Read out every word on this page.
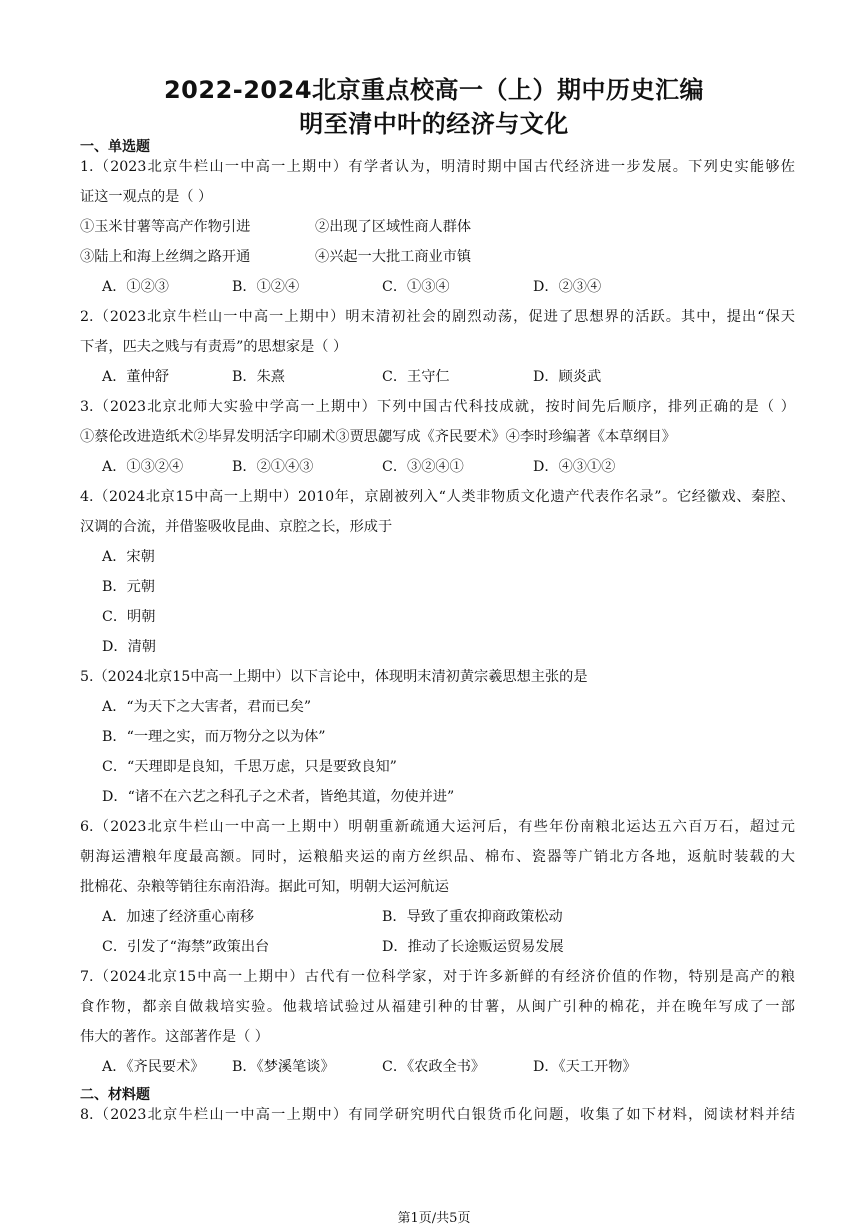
2022-2024北京重点校高一（上）期中历史汇编
明至清中叶的经济与文化
一、单选题
1.（2023北京牛栏山一中高一上期中）有学者认为，明清时期中国古代经济进一步发展。下列史实能够佐
证这一观点的是（ ）
①玉米甘薯等高产作物引进	②出现了区域性商人群体
③陆上和海上丝绸之路开通	④兴起一大批工商业市镇
A．①②③	B．①②④	C．①③④	D．②③④
2.（2023北京牛栏山一中高一上期中）明末清初社会的剧烈动荡，促进了思想界的活跃。其中，提出“保天
下者，匹夫之贱与有责焉”的思想家是（ ）
A．董仲舒	B．朱熹	C．王守仁	D．顾炎武
3.（2023北京北师大实验中学高一上期中）下列中国古代科技成就，按时间先后顺序，排列正确的是（ ）
①蔡伦改进造纸术②毕昇发明活字印刷术③贾思勰写成《齐民要术》④李时珍编著《本草纲目》
A．①③②④	B．②①④③	C．③②④①	D．④③①②
4.（2024北京15中高一上期中）2010年，京剧被列入“人类非物质文化遗产代表作名录”。它经徽戏、秦腔、
汉调的合流，并借鉴吸收昆曲、京腔之长，形成于
A．宋朝
B．元朝
C．明朝
D．清朝
5.（2024北京15中高一上期中）以下言论中，体现明末清初黄宗羲思想主张的是
A．“为天下之大害者，君而已矣”
B．“一理之实，而万物分之以为体”
C．“天理即是良知，千思万虑，只是要致良知”
D．“诸不在六艺之科孔子之术者，皆绝其道，勿使并进”
6.（2023北京牛栏山一中高一上期中）明朝重新疏通大运河后，有些年份南粮北运达五六百万石，超过元
朝海运漕粮年度最高额。同时，运粮船夹运的南方丝织品、棉布、瓷器等广销北方各地，返航时装载的大
批棉花、杂粮等销往东南沿海。据此可知，明朝大运河航运
A．加速了经济重心南移	B．导致了重农抑商政策松动
C．引发了“海禁”政策出台	D．推动了长途贩运贸易发展
7.（2024北京15中高一上期中）古代有一位科学家，对于许多新鲜的有经济价值的作物，特别是高产的粮
食作物，都亲自做栽培实验。他栽培试验过从福建引种的甘薯，从闽广引种的棉花，并在晚年写成了一部
伟大的著作。这部著作是（ ）
A．《齐民要术》 B．《梦溪笔谈》	C．《农政全书》	D．《天工开物》
二、材料题
8.（2023北京牛栏山一中高一上期中）有同学研究明代白银货币化问题，收集了如下材料，阅读材料并结
第1页/共5页
